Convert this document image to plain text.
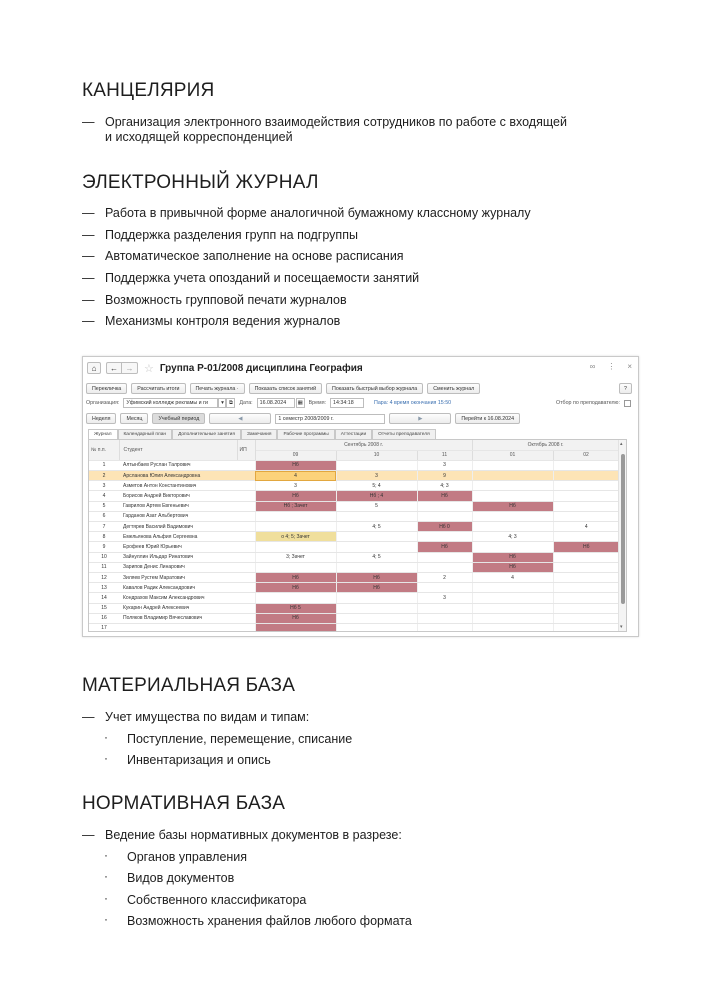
КАНЦЕЛЯРИЯ
— Организация электронного взаимодействия сотрудников по работе с входящей
и исходящей корреспонденцией
ЭЛЕКТРОННЫЙ ЖУРНАЛ
— Работа в привычной форме аналогичной бумажному классному журналу
— Поддержка разделения групп на подгруппы
— Автоматическое заполнение на основе расписания
— Поддержка учета опозданий и посещаемости занятий
— Возможность групповой печати журналов
— Механизмы контроля ведения журналов
⌂ ← → ☆ Группа Р-01/2008 дисциплина География	∞ ⋮ ×
Перекличка	Рассчитать итоги	Печать журнала ·	Показать список занятий	Показать быстрый выбор журнала	Сменить журнал	?
Организация:	Уфимский колледж рекламы и ги	▾ ⧉ Дата:	16.08.2024	▦ Время:	14:34:18	Пара: 4 время окончания 15:50	Отбор по преподавателю:
Неделя	Месяц	Учебный период	◀	1 семестр 2008/2009 г.	▶	Перейти к 16.08.2024
Журнал	Календарный план	Дополнительные занятия	Замечания	Рабочие программы	Аттестации	Отчеты преподавателя
№ п.п.	Студент	ИП	Сентябрь 2008 г.			Октябрь 2008 г.	
			09	10	11	01	02
1	Алтынбаев Руслан Талрович		Нб		3		
2	Арсланова Юлия Александровна		4	3	9		
3	Азметов Антон Константинович		3	5; 4	4; 3		
4	Борисов Андрей Викторович		Нб	Нб ; 4	Нб		
5	Гаврилов Артем Евгеньевич		Нб ; Зачет	5		Нб	
6	Гарданов Азат Альбертович						
7	Дегтярев Василий Вадимович			4; 5	Нб 0		4
8	Емельянова Альфия Сергеевна		о 4; 5; Зачет			4; 3	
9	Ерофеев Юрий Юрьевич				Нб		Нб
10	Зайнуллин Ильдар Ринатович		3; Зачет	4; 5		Нб	
11	Зарипов Денис Линарович					Нб	
12	Зиляев Рустем Маратович		Нб	Нб	2	4	
13	Кавалов Радик Александрович		Нб	Нб			
14	Кондрахов Максим Александрович				3		
15	Кукарин Андрей Алексеевич		Нб 5				
16	Поляков Владимир Вячеславович		Нб				
17							
▴
▾
МАТЕРИАЛЬНАЯ БАЗА
— Учет имущества по видам и типам:
· Поступление, перемещение, списание
· Инвентаризация и опись
НОРМАТИВНАЯ БАЗА
— Ведение базы нормативных документов в разрезе:
· Органов управления
· Видов документов
· Собственного классификатора
· Возможность хранения файлов любого формата
